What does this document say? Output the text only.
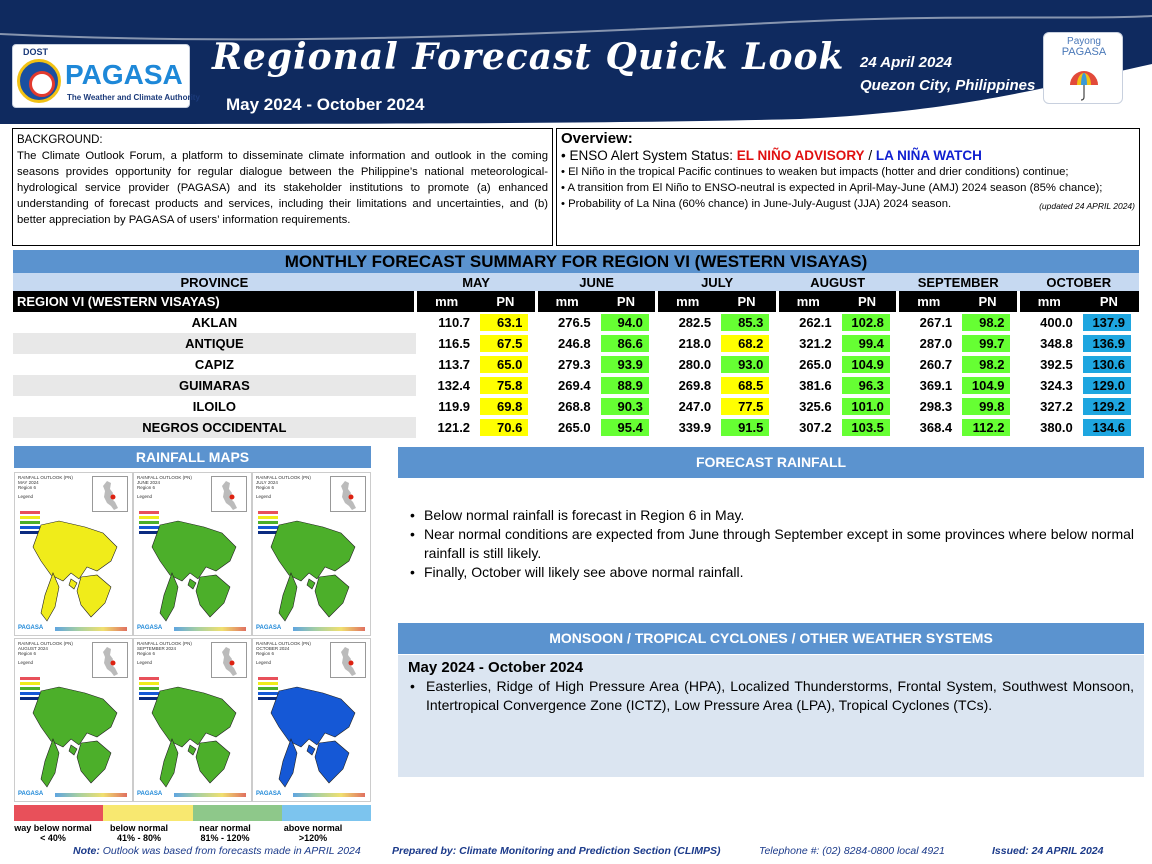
DOST
PAGASA
The Weather and Climate Authority
Regional Forecast Quick Look
May 2024 - October 2024
24 April 2024
Quezon City, Philippines
Payong
PAGASA
BACKGROUND:
The Climate Outlook Forum, a platform to disseminate climate information and outlook in the coming seasons provides opportunity for regular dialogue between the Philippine’s national meteorological-hydrological service provider (PAGASA) and its stakeholder institutions to promote (a) enhanced understanding of forecast products and services, including their limitations and uncertainties, and (b) better appreciation by PAGASA of users’ information requirements.
Overview:
• ENSO Alert System Status: EL NIÑO ADVISORY / LA NIÑA WATCH
• El Niño in the tropical Pacific continues to weaken but impacts (hotter and drier conditions) continue;
• A transition from El Niño to ENSO-neutral is expected in April-May-June (AMJ) 2024 season (85% chance);
• Probability of La Nina (60% chance) in June-July-August (JJA) 2024 season.	(updated 24 APRIL 2024)
MONTHLY FORECAST SUMMARY FOR REGION VI (WESTERN VISAYAS)
PROVINCE	MAY		JUNE		JULY		AUGUST		SEPTEMBER		OCTOBER	
REGION VI (WESTERN VISAYAS)	mm	PN	mm	PN	mm	PN	mm	PN	mm	PN	mm	PN
AKLAN	110.7	63.1	276.5	94.0	282.5	85.3	262.1	102.8	267.1	98.2	400.0	137.9

ANTIQUE	116.5	67.5	246.8	86.6	218.0	68.2	321.2	99.4	287.0	99.7	348.8	136.9

CAPIZ	113.7	65.0	279.3	93.9	280.0	93.0	265.0	104.9	260.7	98.2	392.5	130.6

GUIMARAS	132.4	75.8	269.4	88.9	269.8	68.5	381.6	96.3	369.1	104.9	324.3	129.0

ILOILO	119.9	69.8	268.8	90.3	247.0	77.5	325.6	101.0	298.3	99.8	327.2	129.2

NEGROS OCCIDENTAL	121.2	70.6	265.0	95.4	339.9	91.5	307.2	103.5	368.4	112.2	380.0	134.6
RAINFALL MAPS
RAINFALL OUTLOOK (PN)
MAY 2024
Region 6
Legend
PAGASA
RAINFALL OUTLOOK (PN)
JUNE 2024
Region 6
Legend
PAGASA
RAINFALL OUTLOOK (PN)
JULY 2024
Region 6
Legend
PAGASA
RAINFALL OUTLOOK (PN)
AUGUST 2024
Region 6
Legend
PAGASA
RAINFALL OUTLOOK (PN)
SEPTEMBER 2024
Region 6
Legend
PAGASA
RAINFALL OUTLOOK (PN)
OCTOBER 2024
Region 6
Legend
PAGASA
way below normal
< 40%
below normal
41% - 80%
near normal
81% - 120%
above normal
>120%
FORECAST RAINFALL
• Below normal rainfall is forecast in Region 6 in May.
• Near normal conditions are expected from June through September except in some provinces where below normal rainfall is still likely.
• Finally, October will likely see above normal rainfall.
MONSOON / TROPICAL CYCLONES / OTHER WEATHER SYSTEMS
May 2024 - October 2024
• Easterlies, Ridge of High Pressure Area (HPA), Localized Thunderstorms, Frontal System, Southwest Monsoon, Intertropical Convergence Zone (ICTZ), Low Pressure Area (LPA), Tropical Cyclones (TCs).
Note: Outlook was based from forecasts made in APRIL 2024	Prepared by: Climate Monitoring and Prediction Section (CLIMPS)	Telephone #: (02) 8284-0800 local 4921	Issued: 24 APRIL 2024
